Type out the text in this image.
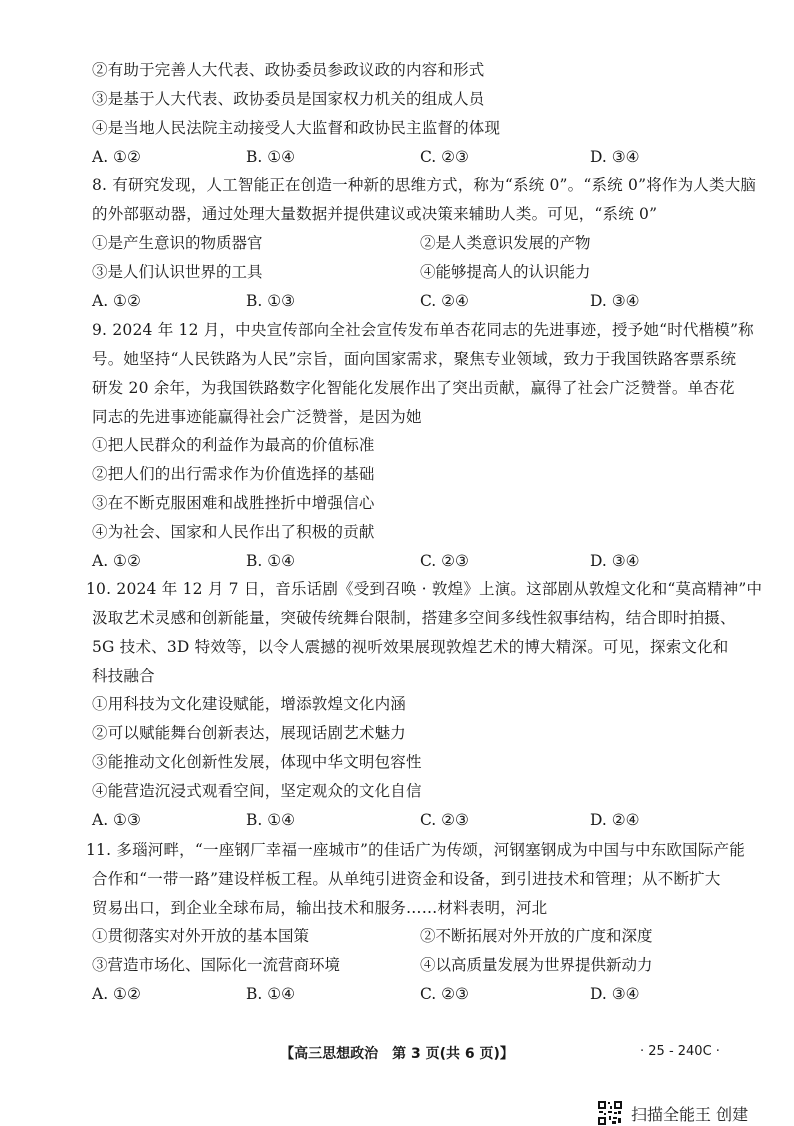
②有助于完善人大代表、政协委员参政议政的内容和形式
③是基于人大代表、政协委员是国家权力机关的组成人员
④是当地人民法院主动接受人大监督和政协民主监督的体现
A. ①②	B. ①④	C. ②③	D. ③④
8. 有研究发现，人工智能正在创造一种新的思维方式，称为“系统 0”。“系统 0”将作为人类大脑
的外部驱动器，通过处理大量数据并提供建议或决策来辅助人类。可见，“系统 0”
①是产生意识的物质器官	②是人类意识发展的产物
③是人们认识世界的工具	④能够提高人的认识能力
A. ①②	B. ①③	C. ②④	D. ③④
9. 2024 年 12 月，中央宣传部向全社会宣传发布单杏花同志的先进事迹，授予她“时代楷模”称
号。她坚持“人民铁路为人民”宗旨，面向国家需求，聚焦专业领域，致力于我国铁路客票系统
研发 20 余年，为我国铁路数字化智能化发展作出了突出贡献，赢得了社会广泛赞誉。单杏花
同志的先进事迹能赢得社会广泛赞誉，是因为她
①把人民群众的利益作为最高的价值标准
②把人们的出行需求作为价值选择的基础
③在不断克服困难和战胜挫折中增强信心
④为社会、国家和人民作出了积极的贡献
A. ①②	B. ①④	C. ②③	D. ③④
10. 2024 年 12 月 7 日，音乐话剧《受到召唤 · 敦煌》上演。这部剧从敦煌文化和“莫高精神”中
汲取艺术灵感和创新能量，突破传统舞台限制，搭建多空间多线性叙事结构，结合即时拍摄、
5G 技术、3D 特效等，以令人震撼的视听效果展现敦煌艺术的博大精深。可见，探索文化和
科技融合
①用科技为文化建设赋能，增添敦煌文化内涵
②可以赋能舞台创新表达，展现话剧艺术魅力
③能推动文化创新性发展，体现中华文明包容性
④能营造沉浸式观看空间，坚定观众的文化自信
A. ①③	B. ①④	C. ②③	D. ②④
11. 多瑙河畔，“一座钢厂幸福一座城市”的佳话广为传颂，河钢塞钢成为中国与中东欧国际产能
合作和“一带一路”建设样板工程。从单纯引进资金和设备，到引进技术和管理；从不断扩大
贸易出口，到企业全球布局，输出技术和服务……材料表明，河北
①贯彻落实对外开放的基本国策	②不断拓展对外开放的广度和深度
③营造市场化、国际化一流营商环境	④以高质量发展为世界提供新动力
A. ①②	B. ①④	C. ②③	D. ③④
【高三思想政治　第 3 页(共 6 页)】	· 25 - 240C ·
扫描全能王 创建
